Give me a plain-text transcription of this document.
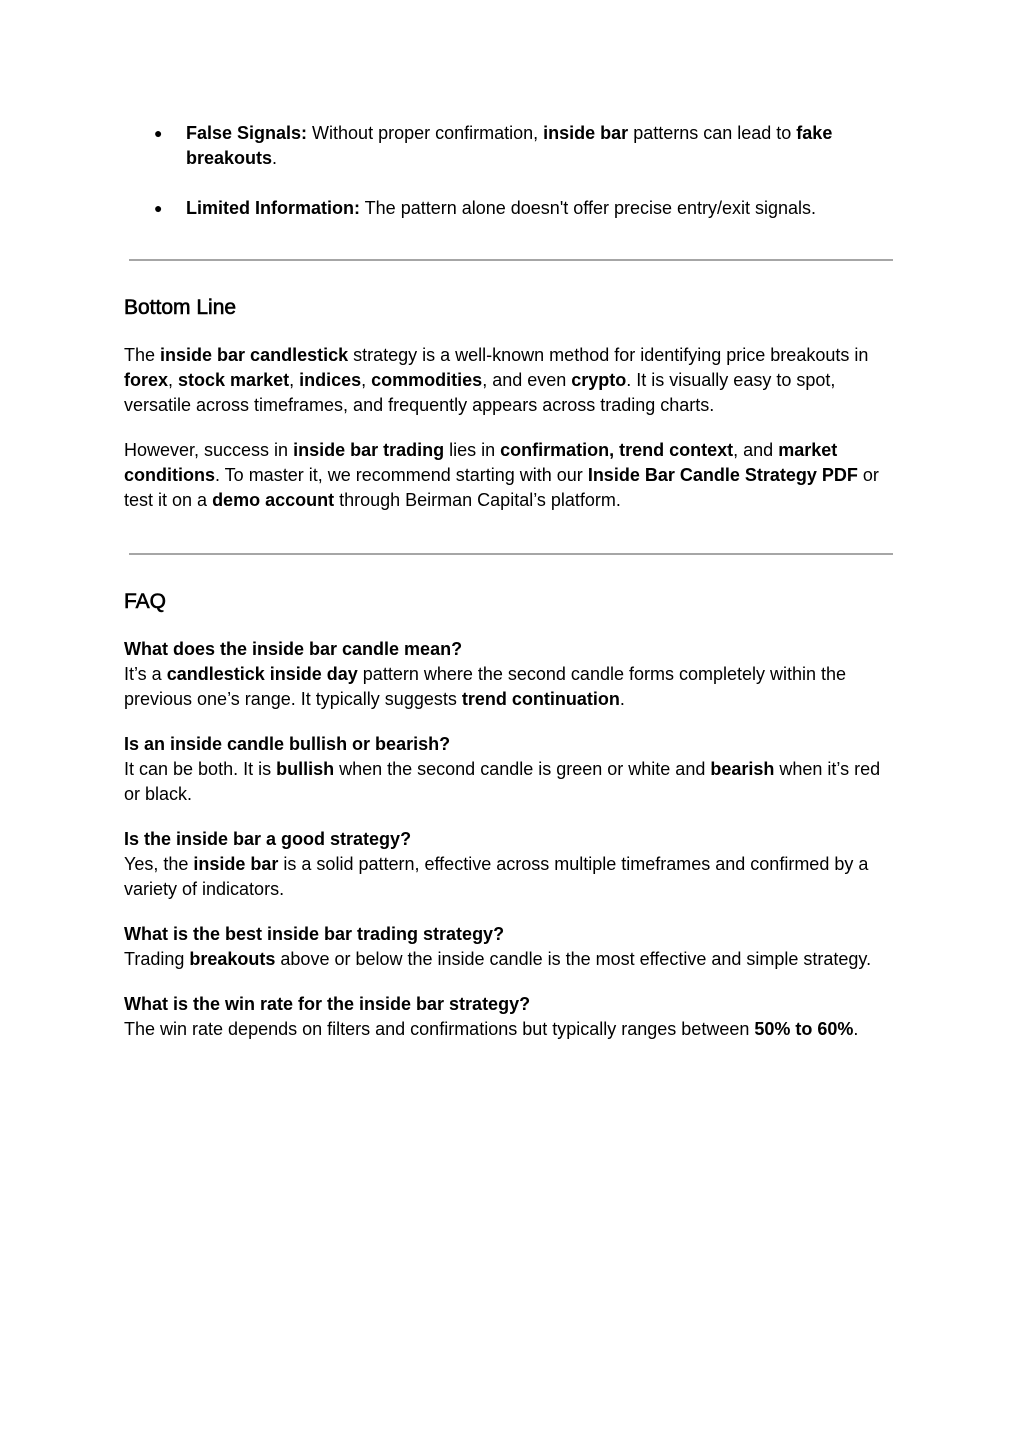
● False Signals: Without proper confirmation, inside bar patterns can lead to fake breakouts.
● Limited Information: The pattern alone doesn't offer precise entry/exit signals.
Bottom Line

The inside bar candlestick strategy is a well-known method for identifying price breakouts in forex, stock market, indices, commodities, and even crypto. It is visually easy to spot, versatile across timeframes, and frequently appears across trading charts.

However, success in inside bar trading lies in confirmation, trend context, and market conditions. To master it, we recommend starting with our Inside Bar Candle Strategy PDF or test it on a demo account through Beirman Capital’s platform.

FAQ
What does the inside bar candle mean?

It’s a candlestick inside day pattern where the second candle forms completely within the previous one’s range. It typically suggests trend continuation.

Is an inside candle bullish or bearish?

It can be both. It is bullish when the second candle is green or white and bearish when it’s red or black.

Is the inside bar a good strategy?

Yes, the inside bar is a solid pattern, effective across multiple timeframes and confirmed by a variety of indicators.

What is the best inside bar trading strategy?

Trading breakouts above or below the inside candle is the most effective and simple strategy.

What is the win rate for the inside bar strategy?

The win rate depends on filters and confirmations but typically ranges between 50% to 60%.
